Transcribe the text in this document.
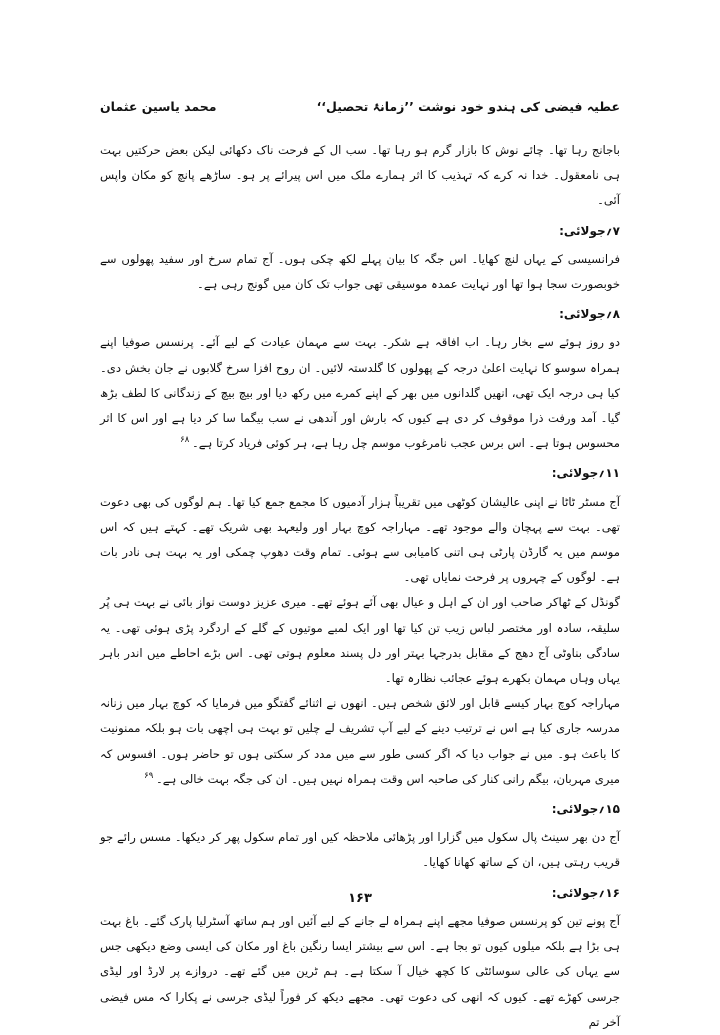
عطیہ فیضی کی ہندو خود نوشت ’’زمانۂ تحصیل‘‘
محمد یاسین عثمان

باجانج رہا تھا۔ چائے نوش کا بازار گرم ہو رہا تھا۔ سب ال کے فرحت ناک دکھائی لیکن بعض حرکتیں بہت ہی نامعقول۔ خدا نہ کرے کہ تہذیب کا اثر ہمارے ملک میں اس پیرائے پر ہو۔ ساڑھے پانچ کو مکان واپس آئی۔

۷؍جولائی:

فرانسیسی کے یہاں لنچ کھایا۔ اس جگہ کا بیان پہلے لکھ چکی ہوں۔ آج تمام سرخ اور سفید پھولوں سے خوبصورت سجا ہوا تھا اور نہایت عمدہ موسیقی تھی جواب تک کان میں گونج رہی ہے۔

۸؍جولائی:

دو روز ہوئے سے بخار رہا۔ اب افاقہ ہے شکر۔ بہت سے مہمان عیادت کے لیے آئے۔ پرنسس صوفیا اپنے ہمراہ سوسو کا نہایت اعلیٰ درجہ کے پھولوں کا گلدستہ لائیں۔ ان روح افزا سرخ گلابوں نے جان بخش دی۔ کیا ہی درجہ ایک تھی، انھیں گلدانوں میں بھر کے اپنے کمرے میں رکھ دیا اور بیچ بیچ کے زندگانی کا لطف بڑھ گیا۔ آمد ورفت ذرا موقوف کر دی ہے کیوں کہ بارش اور آندھی نے سب بیگما سا کر دیا ہے اور اس کا اثر محسوس ہوتا ہے۔ اس برس عجب نامرغوب موسم چل رہا ہے، ہر کوئی فریاد کرتا ہے۔ $^{۶۸}$

۱۱؍جولائی:

آج مسٹر ٹاٹا نے اپنی عالیشان کوٹھی میں تقریباً ہزار آدمیوں کا مجمع جمع کیا تھا۔ ہم لوگوں کی بھی دعوت تھی۔ بہت سے پہچان والے موجود تھے۔ مہاراجہ کوچ بہار اور ولیعہد بھی شریک تھے۔ کہتے ہیں کہ اس موسم میں یہ گارڈن پارٹی ہی اتنی کامیابی سے ہوئی۔ تمام وقت دھوپ چمکی اور یہ بہت ہی نادر بات ہے۔ لوگوں کے چہروں پر فرحت نمایاں تھی۔

گونڈل کے ٹھاکر صاحب اور ان کے اہل و عیال بھی آئے ہوئے تھے۔ میری عزیز دوست نواز بائی نے بہت ہی پُر سلیقہ، سادہ اور مختصر لباس زیب تن کیا تھا اور ایک لمبے موتیوں کے گلے کے اردگرد پڑی ہوئی تھی۔ یہ سادگی بناوٹی آج دھج کے مقابل بدرجہا بہتر اور دل پسند معلوم ہوتی تھی۔ اس بڑے احاطے میں اندر باہر یہاں وہاں مہمان بکھرے ہوئے عجائب نظارہ تھا۔

مہاراجہ کوچ بہار کیسے قابل اور لائق شخص ہیں۔ انھوں نے اثنائے گفتگو میں فرمایا کہ کوچ بہار میں زنانہ مدرسہ جاری کیا ہے اس نے ترتیب دینے کے لیے آپ تشریف لے چلیں تو بہت ہی اچھی بات ہو بلکہ ممنونیت کا باعث ہو۔ میں نے جواب دیا کہ اگر کسی طور سے میں مدد کر سکتی ہوں تو حاضر ہوں۔ افسوس کہ میری مہربان، بیگم رانی کنار کی صاحبہ اس وقت ہمراہ نہیں ہیں۔ ان کی جگہ بہت خالی ہے۔ $^{۶۹}$

۱۵؍جولائی:

آج دن بھر سینٹ پال سکول میں گزارا اور پڑھائی ملاحظہ کیں اور تمام سکول پھر کر دیکھا۔ مسس رائے جو قریب رہتی ہیں، ان کے ساتھ کھانا کھایا۔

۱۶؍جولائی:

آج پونے تین کو پرنسس صوفیا مجھے اپنے ہمراہ لے جانے کے لیے آئیں اور ہم ساتھ آسٹرلیا پارک گئے۔ باغ بہت ہی بڑا ہے بلکہ میلوں کیوں تو بجا ہے۔ اس سے بیشتر ایسا رنگین باغ اور مکان کی ایسی وضع دیکھی جس سے یہاں کی عالی سوسائٹی کا کچھ خیال آ سکتا ہے۔ ہم ٹرین میں گئے تھے۔ دروازے پر لارڈ اور لیڈی جرسی کھڑے تھے۔ کیوں کہ انھی کی دعوت تھی۔ مجھے دیکھ کر فوراً لیڈی جرسی نے پکارا کہ مس فیضی آخر تم

۱۶۳
